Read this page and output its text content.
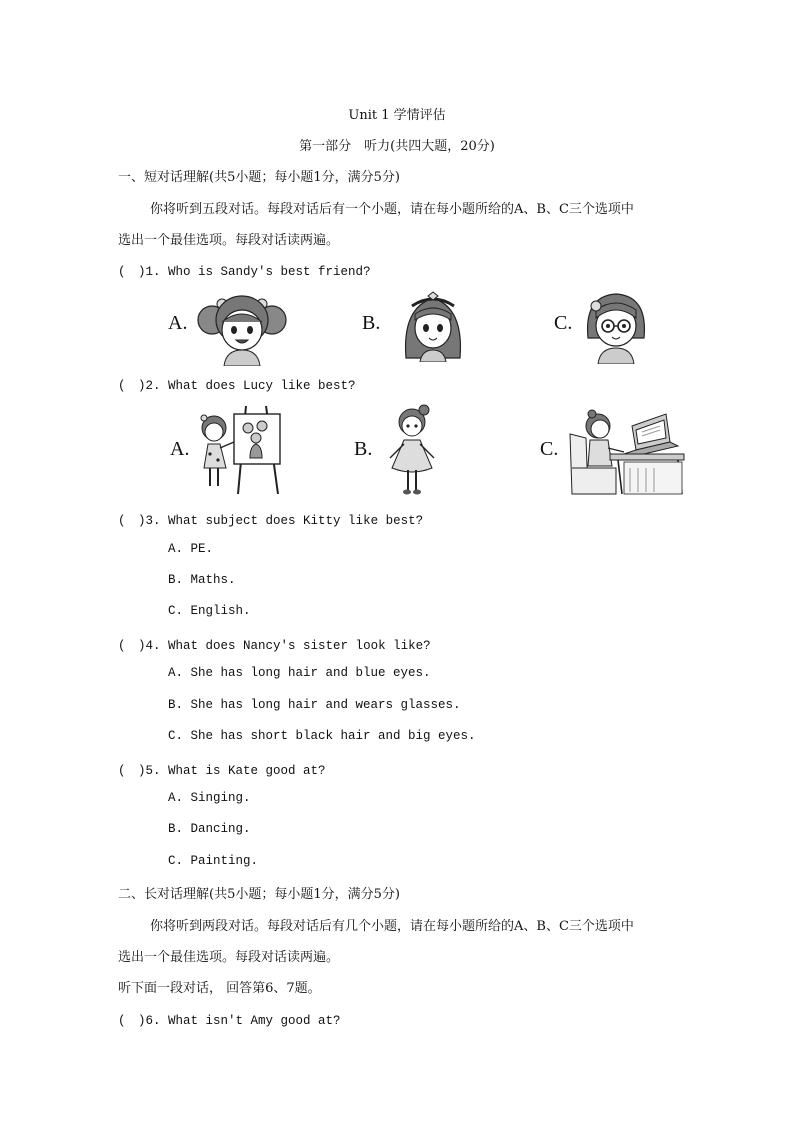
Unit 1 学情评估
第一部分　听力(共四大题，20分)
一、短对话理解(共5小题；每小题1分，满分5分)
你将听到五段对话。每段对话后有一个小题，请在每小题所给的A、B、C三个选项中
选出一个最佳选项。每段对话读两遍。
(　)1. Who is Sandy's best friend?
A.	B.	C.
(　)2. What does Lucy like best?
A.	B.	C.
(　)3. What subject does Kitty like best?
A. PE.
B. Maths.
C. English.
(　)4. What does Nancy's sister look like?
A. She has long hair and blue eyes.
B. She has long hair and wears glasses.
C. She has short black hair and big eyes.
(　)5. What is Kate good at?
A. Singing.
B. Dancing.
C. Painting.
二、长对话理解(共5小题；每小题1分，满分5分)
你将听到两段对话。每段对话后有几个小题，请在每小题所给的A、B、C三个选项中
选出一个最佳选项。每段对话读两遍。
听下面一段对话， 回答第6、7题。
(　)6. What isn't Amy good at?
